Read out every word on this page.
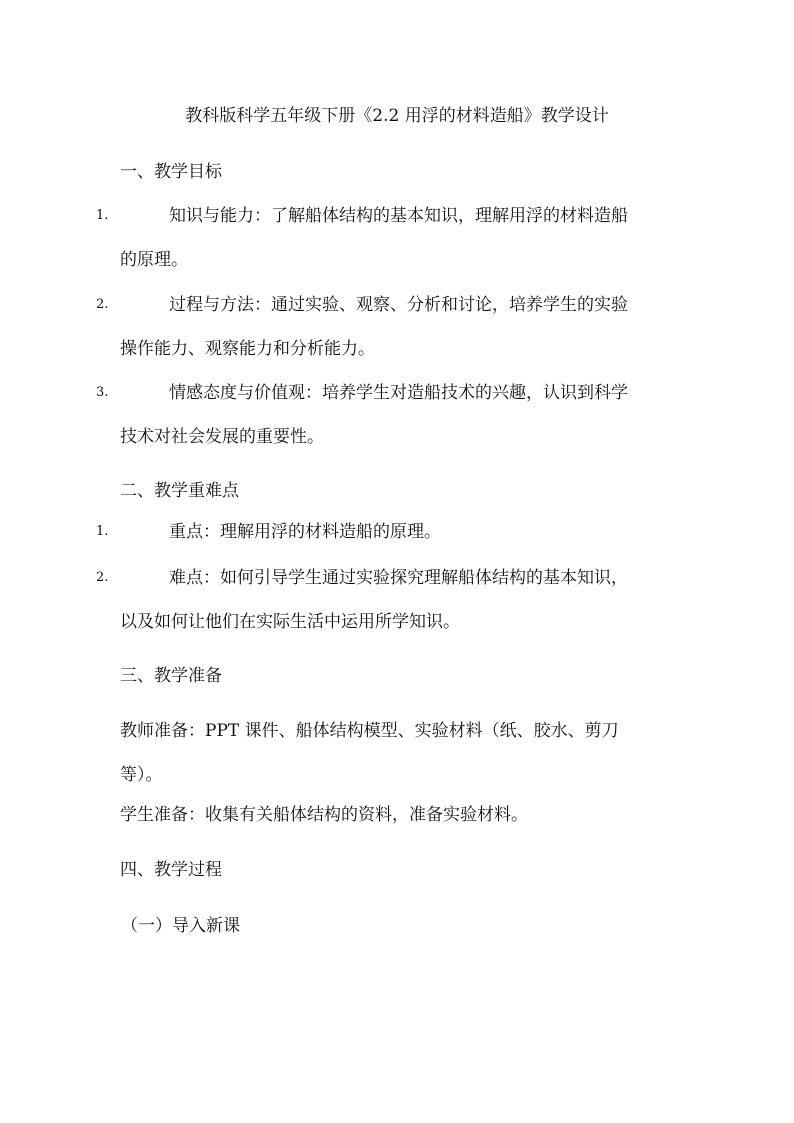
教科版科学五年级下册《2.2 用浮的材料造船》教学设计
一、教学目标
1.	知识与能力：了解船体结构的基本知识，理解用浮的材料造船
的原理。
2.	过程与方法：通过实验、观察、分析和讨论，培养学生的实验
操作能力、观察能力和分析能力。
3.	情感态度与价值观：培养学生对造船技术的兴趣，认识到科学
技术对社会发展的重要性。
二、教学重难点
1.	重点：理解用浮的材料造船的原理。
2.	难点：如何引导学生通过实验探究理解船体结构的基本知识，
以及如何让他们在实际生活中运用所学知识。
三、教学准备
教师准备：PPT 课件、船体结构模型、实验材料（纸、胶水、剪刀
等）。
学生准备：收集有关船体结构的资料，准备实验材料。
四、教学过程
（一）导入新课
